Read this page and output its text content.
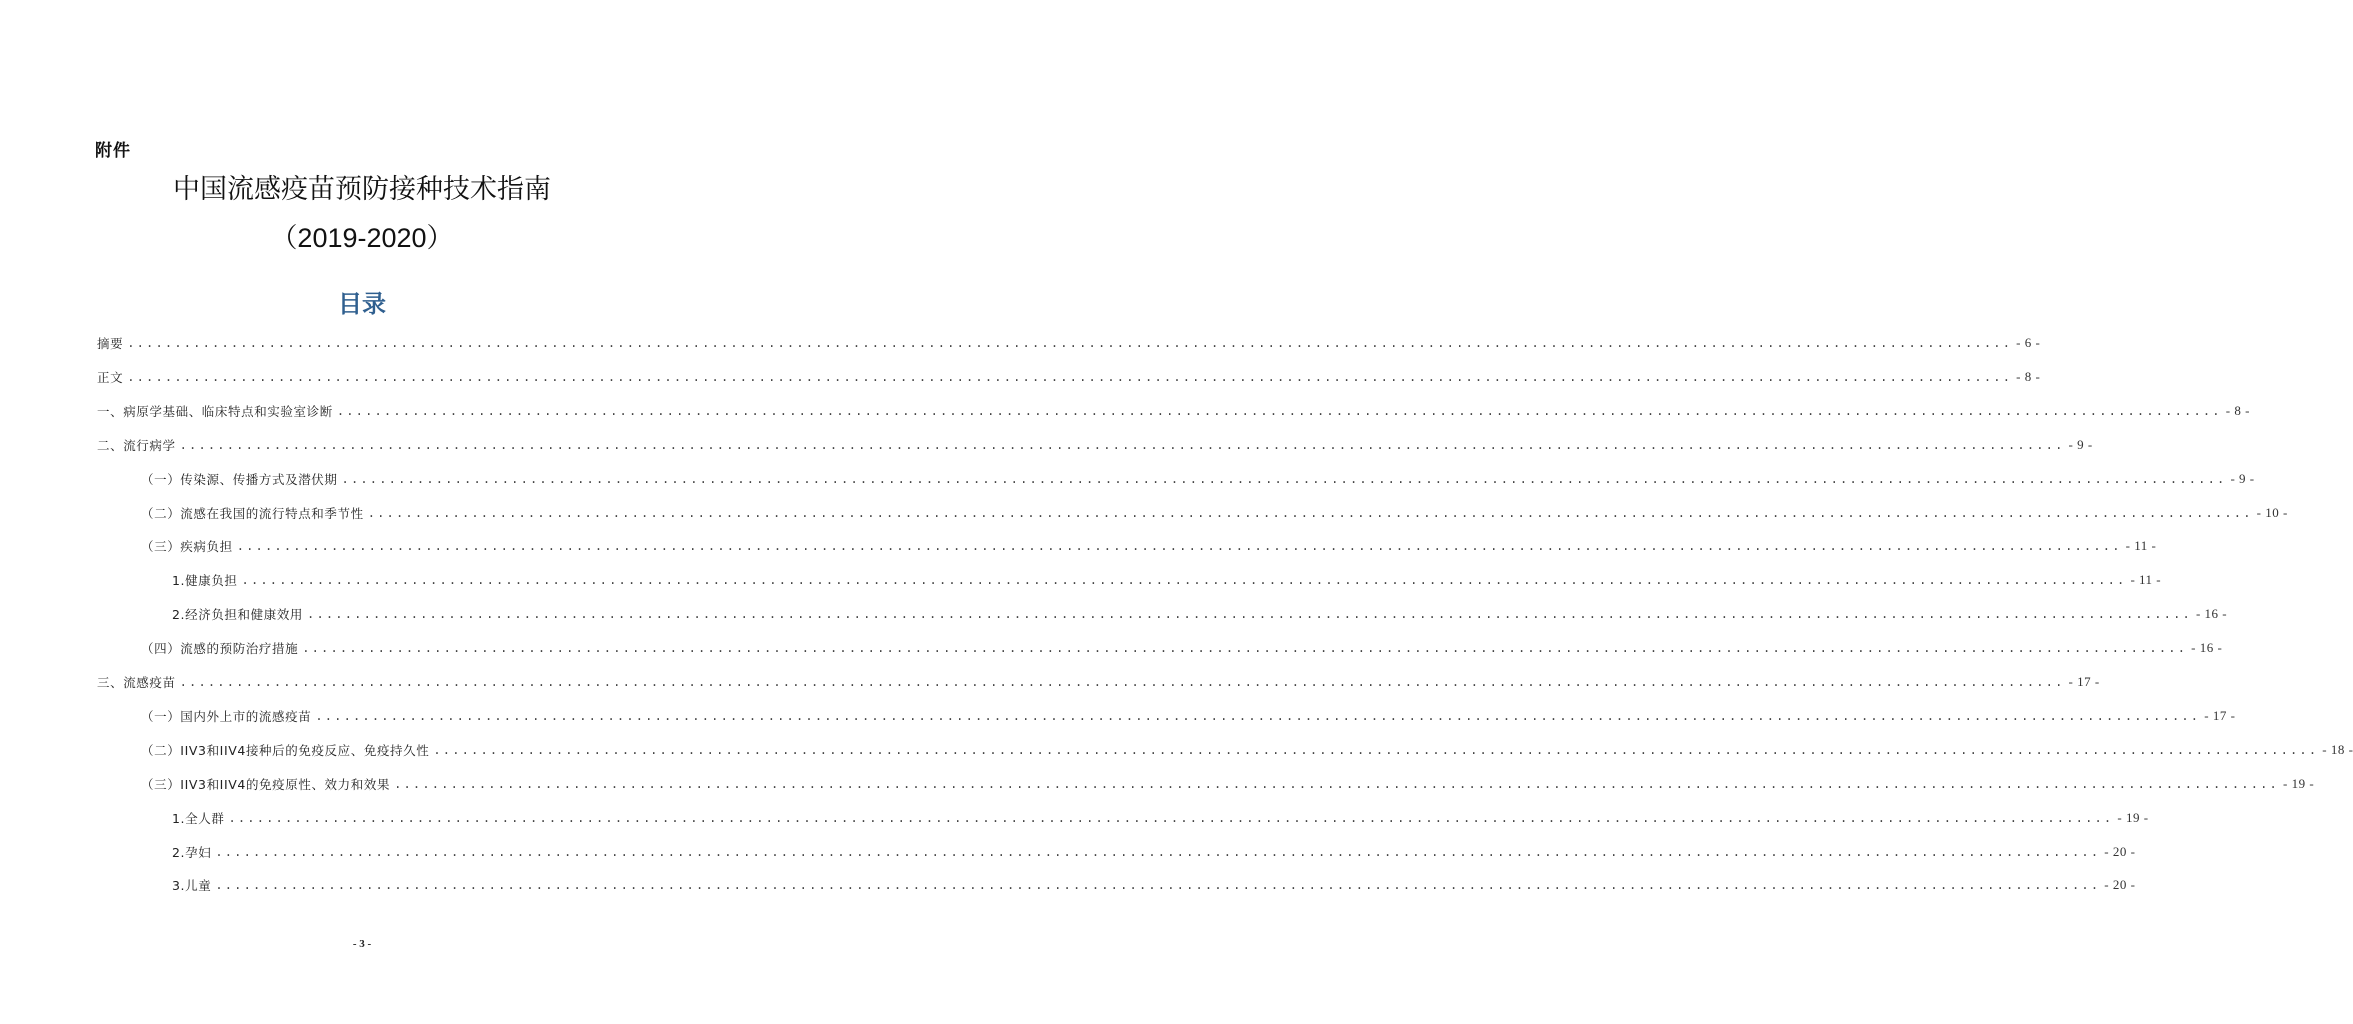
附件
中国流感疫苗预防接种技术指南
（2019-2020）
目录
摘要 ........................................................................................................................................................................................................ - 6 -
正文 ........................................................................................................................................................................................................ - 8 -
一、病原学基础、临床特点和实验室诊断 ........................................................................................................................................................................................................ - 8 -
二、流行病学 ........................................................................................................................................................................................................ - 9 -
（一）传染源、传播方式及潜伏期 ........................................................................................................................................................................................................ - 9 -
（二）流感在我国的流行特点和季节性 ........................................................................................................................................................................................................ - 10 -
（三）疾病负担 ........................................................................................................................................................................................................ - 11 -
1.健康负担 ........................................................................................................................................................................................................ - 11 -
2.经济负担和健康效用 ........................................................................................................................................................................................................ - 16 -
（四）流感的预防治疗措施 ........................................................................................................................................................................................................ - 16 -
三、流感疫苗 ........................................................................................................................................................................................................ - 17 -
（一）国内外上市的流感疫苗 ........................................................................................................................................................................................................ - 17 -
（二）IIV3和IIV4接种后的免疫反应、免疫持久性 ........................................................................................................................................................................................................ - 18 -
（三）IIV3和IIV4的免疫原性、效力和效果 ........................................................................................................................................................................................................ - 19 -
1.全人群 ........................................................................................................................................................................................................ - 19 -
2.孕妇 ........................................................................................................................................................................................................ - 20 -
3.儿童 ........................................................................................................................................................................................................ - 20 -
- 3 -
